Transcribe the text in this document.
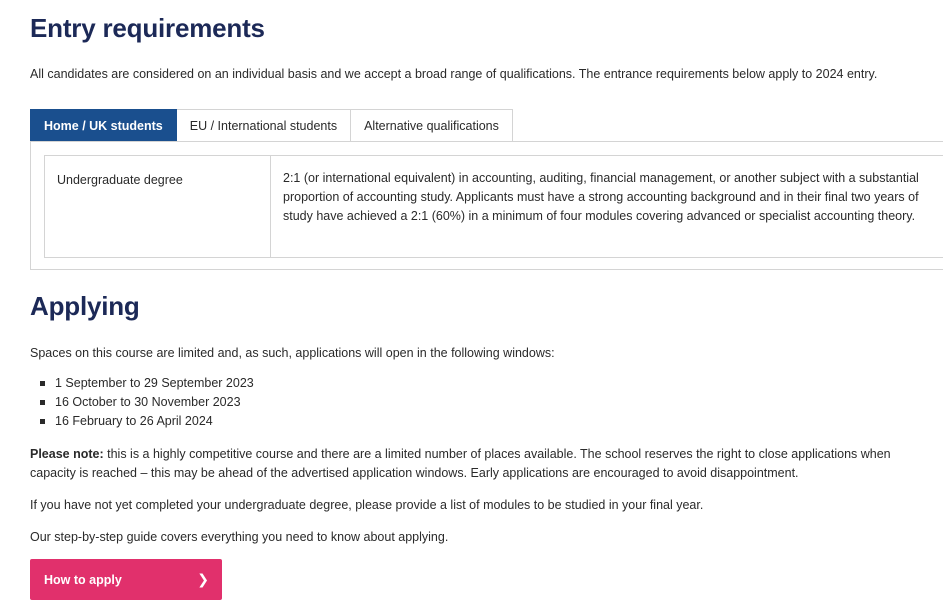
Entry requirements

All candidates are considered on an individual basis and we accept a broad range of qualifications. The entrance requirements below apply to 2024 entry.

Home / UK students	EU / International students	Alternative qualifications
Undergraduate degree	2:1 (or international equivalent) in accounting, auditing, financial management, or another subject with a substantial proportion of accounting study. Applicants must have a strong accounting background and in their final two years of study have achieved a 2:1 (60%) in a minimum of four modules covering advanced or specialist accounting theory.
Applying

Spaces on this course are limited and, as such, applications will open in the following windows:

1 September to 29 September 2023
16 October to 30 November 2023
16 February to 26 April 2024

Please note: this is a highly competitive course and there are a limited number of places available. The school reserves the right to close applications when capacity is reached – this may be ahead of the advertised application windows. Early applications are encouraged to avoid disappointment.

If you have not yet completed your undergraduate degree, please provide a list of modules to be studied in your final year.

Our step-by-step guide covers everything you need to know about applying.

How to apply	❯
